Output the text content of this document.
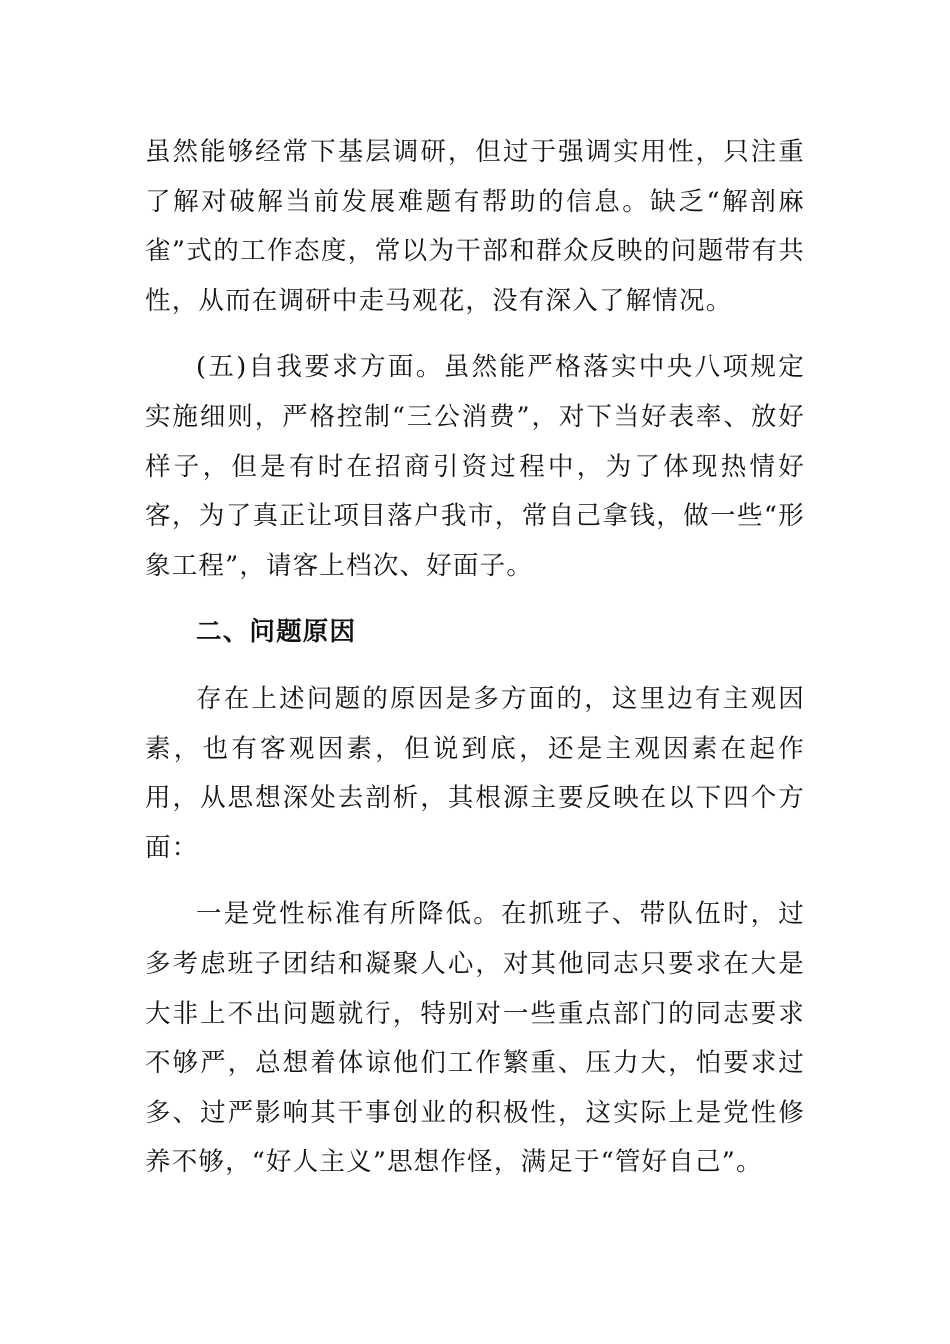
虽然能够经常下基层调研，但过于强调实用性，只注重了解对破解当前发展难题有帮助的信息。缺乏“解剖麻雀”式的工作态度，常以为干部和群众反映的问题带有共性，从而在调研中走马观花，没有深入了解情况。

(五)自我要求方面。虽然能严格落实中央八项规定实施细则，严格控制“三公消费”，对下当好表率、放好样子，但是有时在招商引资过程中，为了体现热情好客，为了真正让项目落户我市，常自己拿钱，做一些“形象工程”，请客上档次、好面子。

二、问题原因

存在上述问题的原因是多方面的，这里边有主观因素，也有客观因素，但说到底，还是主观因素在起作用，从思想深处去剖析，其根源主要反映在以下四个方面：

一是党性标准有所降低。在抓班子、带队伍时，过多考虑班子团结和凝聚人心，对其他同志只要求在大是大非上不出问题就行，特别对一些重点部门的同志要求不够严，总想着体谅他们工作繁重、压力大，怕要求过多、过严影响其干事创业的积极性，这实际上是党性修养不够，“好人主义”思想作怪，满足于“管好自己”。
